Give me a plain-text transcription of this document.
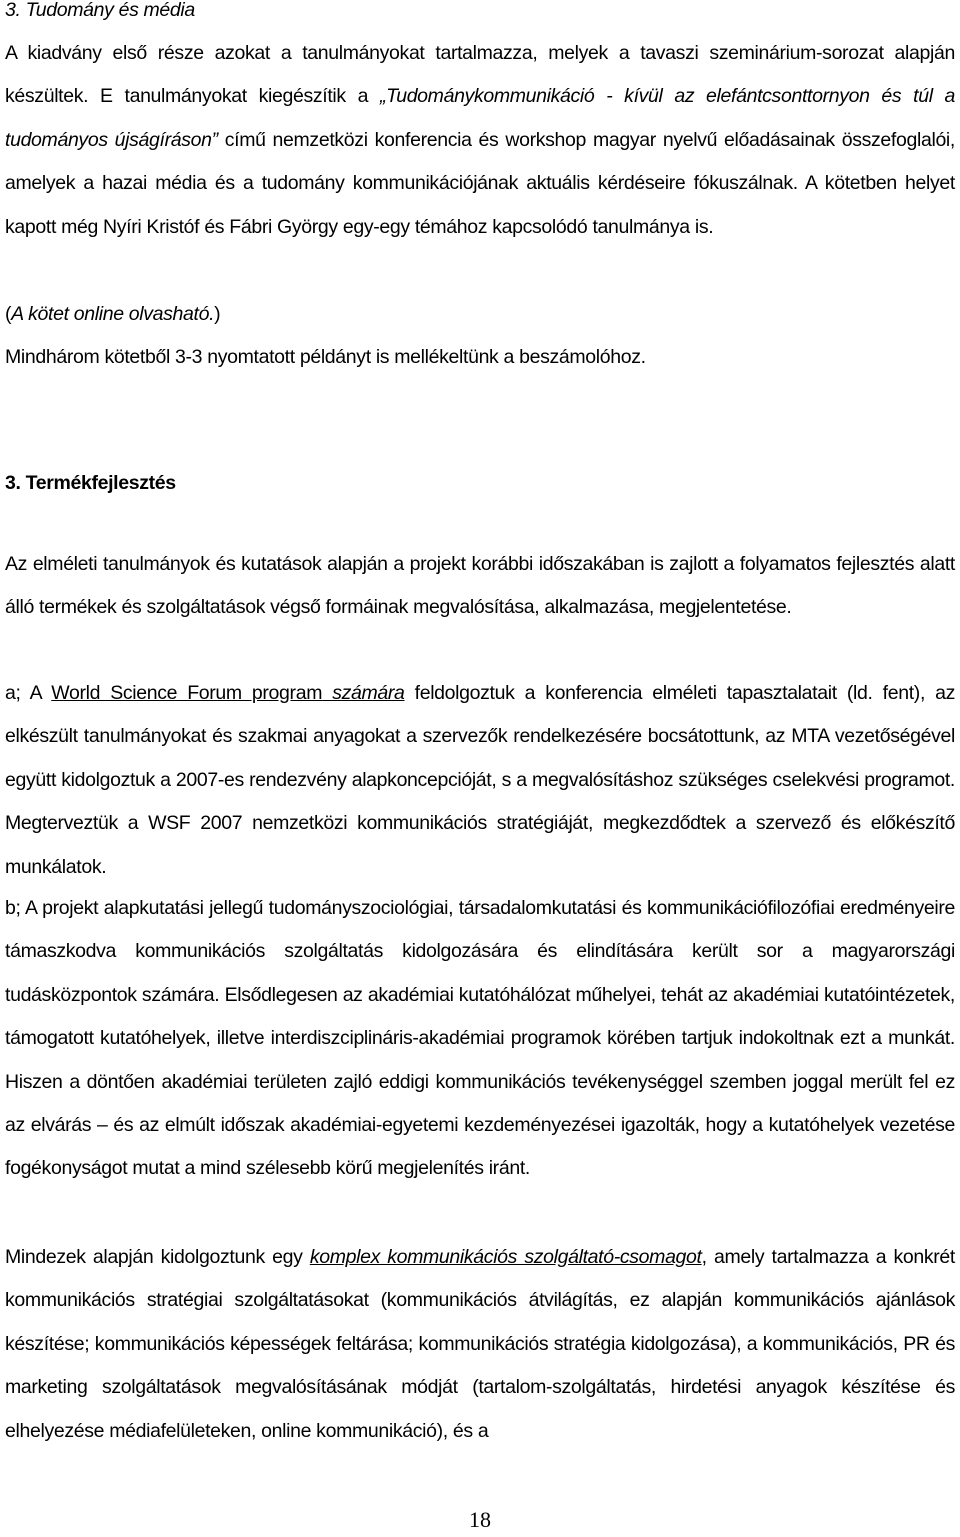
3. Tudomány és média

A kiadvány első része azokat a tanulmányokat tartalmazza, melyek a tavaszi szeminárium-sorozat alapján készültek. E tanulmányokat kiegészítik a „Tudománykommunikáció - kívül az elefántcsonttornyon és túl a tudományos újságíráson” című nemzetközi konferencia és workshop magyar nyelvű előadásainak összefoglalói, amelyek a hazai média és a tudomány kommunikációjának aktuális kérdéseire fókuszálnak. A kötetben helyet kapott még Nyíri Kristóf és Fábri György egy-egy témához kapcsolódó tanulmánya is.

(A kötet online olvasható.)

Mindhárom kötetből 3-3 nyomtatott példányt is mellékeltünk a beszámolóhoz.

3. Termékfejlesztés

Az elméleti tanulmányok és kutatások alapján a projekt korábbi időszakában is zajlott a folyamatos fejlesztés alatt álló termékek és szolgáltatások végső formáinak megvalósítása, alkalmazása, megjelentetése.

a; A World Science Forum program számára feldolgoztuk a konferencia elméleti tapasztalatait (ld. fent), az elkészült tanulmányokat és szakmai anyagokat a szervezők rendelkezésére bocsátottunk, az MTA vezetőségével együtt kidolgoztuk a 2007-es rendezvény alapkoncepcióját, s a megvalósításhoz szükséges cselekvési programot. Megterveztük a WSF 2007 nemzetközi kommunikációs stratégiáját, megkezdődtek a szervező és előkészítő munkálatok.

b; A projekt alapkutatási jellegű tudományszociológiai, társadalomkutatási és kommunikációfilozófiai eredményeire támaszkodva kommunikációs szolgáltatás kidolgozására és elindítására került sor a magyarországi tudásközpontok számára. Elsődlegesen az akadémiai kutatóhálózat műhelyei, tehát az akadémiai kutatóintézetek, támogatott kutatóhelyek, illetve interdiszciplináris-akadémiai programok körében tartjuk indokoltnak ezt a munkát. Hiszen a döntően akadémiai területen zajló eddigi kommunikációs tevékenységgel szemben joggal merült fel ez az elvárás – és az elmúlt időszak akadémiai-egyetemi kezdeményezései igazolták, hogy a kutatóhelyek vezetése fogékonyságot mutat a mind szélesebb körű megjelenítés iránt.

Mindezek alapján kidolgoztunk egy komplex kommunikációs szolgáltató-csomagot, amely tartalmazza a konkrét kommunikációs stratégiai szolgáltatásokat (kommunikációs átvilágítás, ez alapján kommunikációs ajánlások készítése; kommunikációs képességek feltárása; kommunikációs stratégia kidolgozása), a kommunikációs, PR és marketing szolgáltatások megvalósításának módját (tartalom-szolgáltatás, hirdetési anyagok készítése és elhelyezése médiafelületeken, online kommunikáció), és a

18
